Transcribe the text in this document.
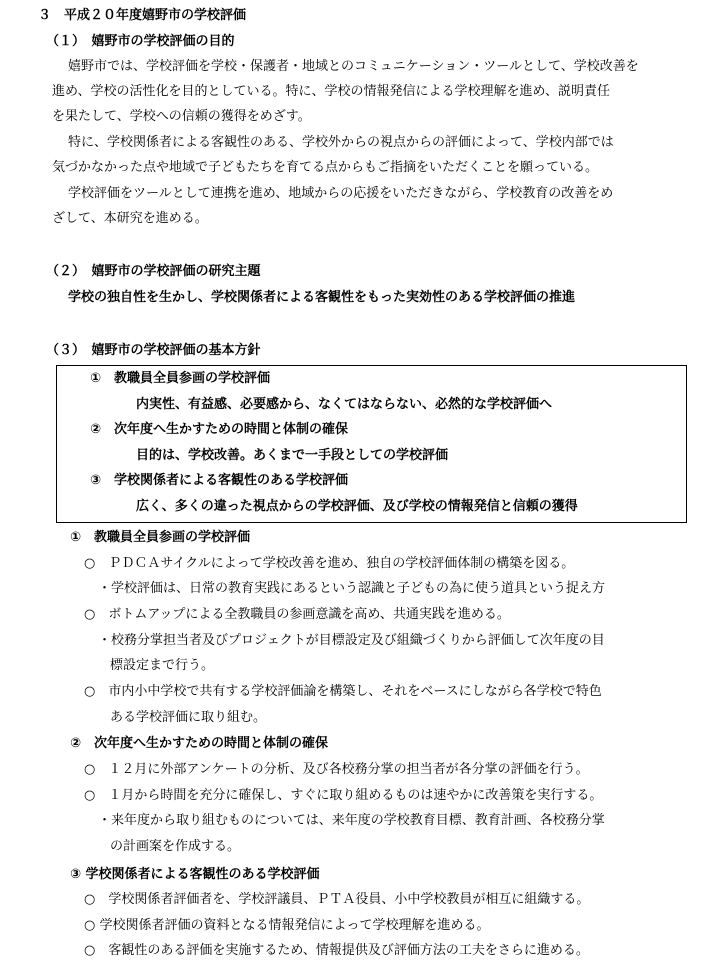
３　平成２０年度嬉野市の学校評価
（１）　嬉野市の学校評価の目的
嬉野市では、学校評価を学校・保護者・地域とのコミュニケーション・ツールとして、学校改善を
進め、学校の活性化を目的としている。特に、学校の情報発信による学校理解を進め、説明責任
を果たして、学校への信頼の獲得をめざす。
特に、学校関係者による客観性のある、学校外からの視点からの評価によって、学校内部では
気づかなかった点や地域で子どもたちを育てる点からもご指摘をいただくことを願っている。
学校評価をツールとして連携を進め、地域からの応援をいただきながら、学校教育の改善をめ
ざして、本研究を進める。
（２）　嬉野市の学校評価の研究主題
学校の独自性を生かし、学校関係者による客観性をもった実効性のある学校評価の推進
（３）　嬉野市の学校評価の基本方針
①　教職員全員参画の学校評価
内実性、有益感、必要感から、なくてはならない、必然的な学校評価へ
②　次年度へ生かすための時間と体制の確保
目的は、学校改善。あくまで一手段としての学校評価
③　学校関係者による客観性のある学校評価
広く、多くの違った視点からの学校評価、及び学校の情報発信と信頼の獲得
①　教職員全員参画の学校評価
○　ＰＤＣＡサイクルによって学校改善を進め、独自の学校評価体制の構築を図る。
・学校評価は、日常の教育実践にあるという認識と子どもの為に使う道具という捉え方
○　ボトムアップによる全教職員の参画意識を高め、共通実践を進める。
・校務分掌担当者及びプロジェクトが目標設定及び組織づくりから評価して次年度の目
標設定まで行う。
○　市内小中学校で共有する学校評価論を構築し、それをベースにしながら各学校で特色
ある学校評価に取り組む。
②　次年度へ生かすための時間と体制の確保
○　１２月に外部アンケートの分析、及び各校務分掌の担当者が各分掌の評価を行う。
○　１月から時間を充分に確保し、すぐに取り組めるものは速やかに改善策を実行する。
・来年度から取り組むものについては、来年度の学校教育目標、教育計画、各校務分掌
の計画案を作成する。
③ 学校関係者による客観性のある学校評価
○　学校関係者評価者を、学校評議員、ＰＴＡ役員、小中学校教員が相互に組織する。
○ 学校関係者評価の資料となる情報発信によって学校理解を進める。
○　客観性のある評価を実施するため、情報提供及び評価方法の工夫をさらに進める。
